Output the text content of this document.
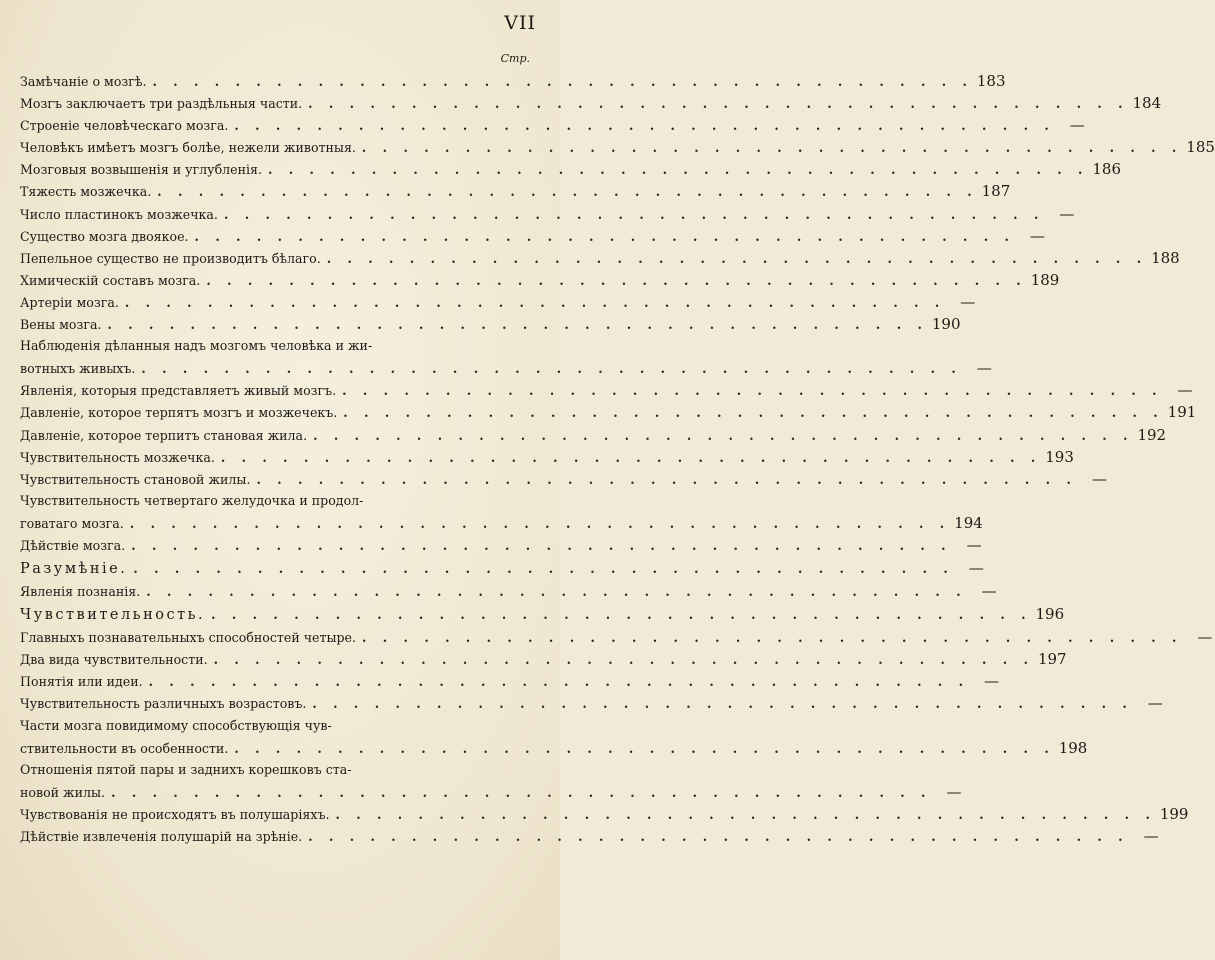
VII
Стр.
Замѣчаніе о мозгѣ. . . . . . . . . . . . . . . . . . . . . . . . . . . . . . . . . . . . . . . . . 183
Мозгъ заключаетъ три раздѣльныя части. . . . . . . . . . . . . . . . . . . . . . . . . . . . . . . . . . . . . . . . . 184
Строеніе человѣческаго мозга. . . . . . . . . . . . . . . . . . . . . . . . . . . . . . . . . . . . . . . . .	—
Человѣкъ имѣетъ мозгъ болѣе, нежели животныя. . . . . . . . . . . . . . . . . . . . . . . . . . . . . . . . . . . . . . . . . 185
Мозговыя возвышенія и углубленія. . . . . . . . . . . . . . . . . . . . . . . . . . . . . . . . . . . . . . . . . 186
Тяжесть мозжечка. . . . . . . . . . . . . . . . . . . . . . . . . . . . . . . . . . . . . . . . . 187
Число пластинокъ мозжечка. . . . . . . . . . . . . . . . . . . . . . . . . . . . . . . . . . . . . . . . .	—
Существо мозга двоякое. . . . . . . . . . . . . . . . . . . . . . . . . . . . . . . . . . . . . . . . .	—
Пепельное существо не производитъ бѣлаго. . . . . . . . . . . . . . . . . . . . . . . . . . . . . . . . . . . . . . . . . 188
Химическій составъ мозга. . . . . . . . . . . . . . . . . . . . . . . . . . . . . . . . . . . . . . . . . 189
Артеріи мозга. . . . . . . . . . . . . . . . . . . . . . . . . . . . . . . . . . . . . . . . .	—
Вены мозга. . . . . . . . . . . . . . . . . . . . . . . . . . . . . . . . . . . . . . . . . 190
Наблюденія дѣланныя надъ мозгомъ человѣка и жи-
вотныхъ живыхъ. . . . . . . . . . . . . . . . . . . . . . . . . . . . . . . . . . . . . . . . .	—
Явленія, которыя представляетъ живый мозгъ. . . . . . . . . . . . . . . . . . . . . . . . . . . . . . . . . . . . . . . . .	—
Давленіе, которое терпятъ мозгъ и мозжечекъ. . . . . . . . . . . . . . . . . . . . . . . . . . . . . . . . . . . . . . . . . 191
Давленіе, которое терпитъ становая жила. . . . . . . . . . . . . . . . . . . . . . . . . . . . . . . . . . . . . . . . . 192
Чувствительность мозжечка. . . . . . . . . . . . . . . . . . . . . . . . . . . . . . . . . . . . . . . . . 193
Чувствительность становой жилы. . . . . . . . . . . . . . . . . . . . . . . . . . . . . . . . . . . . . . . . .	—
Чувствительность четвертаго желудочка и продол-
говатаго мозга. . . . . . . . . . . . . . . . . . . . . . . . . . . . . . . . . . . . . . . . . 194
Дѣйствіе мозга. . . . . . . . . . . . . . . . . . . . . . . . . . . . . . . . . . . . . . . . .	—
Разумѣніе. . . . . . . . . . . . . . . . . . . . . . . . . . . . . . . . . . . . . . . . .	—
Явленія познанія. . . . . . . . . . . . . . . . . . . . . . . . . . . . . . . . . . . . . . . . .	—
Чувствительность. . . . . . . . . . . . . . . . . . . . . . . . . . . . . . . . . . . . . . . . . 196
Главныхъ познавательныхъ способностей четыре. . . . . . . . . . . . . . . . . . . . . . . . . . . . . . . . . . . . . . . . .	—
Два вида чувствительности. . . . . . . . . . . . . . . . . . . . . . . . . . . . . . . . . . . . . . . . . 197
Понятія или идеи. . . . . . . . . . . . . . . . . . . . . . . . . . . . . . . . . . . . . . . . .	—
Чувствительность различныхъ возрастовъ. . . . . . . . . . . . . . . . . . . . . . . . . . . . . . . . . . . . . . . . .	—
Части мозга повидимому способствующія чув-
ствительности въ особенности. . . . . . . . . . . . . . . . . . . . . . . . . . . . . . . . . . . . . . . . . 198
Отношенія пятой пары и заднихъ корешковъ ста-
новой жилы. . . . . . . . . . . . . . . . . . . . . . . . . . . . . . . . . . . . . . . . .	—
Чувствованія не происходятъ въ полушаріяхъ. . . . . . . . . . . . . . . . . . . . . . . . . . . . . . . . . . . . . . . . . 199
Дѣйствіе извлеченія полушарій на зрѣніе. . . . . . . . . . . . . . . . . . . . . . . . . . . . . . . . . . . . . . . . .	—
